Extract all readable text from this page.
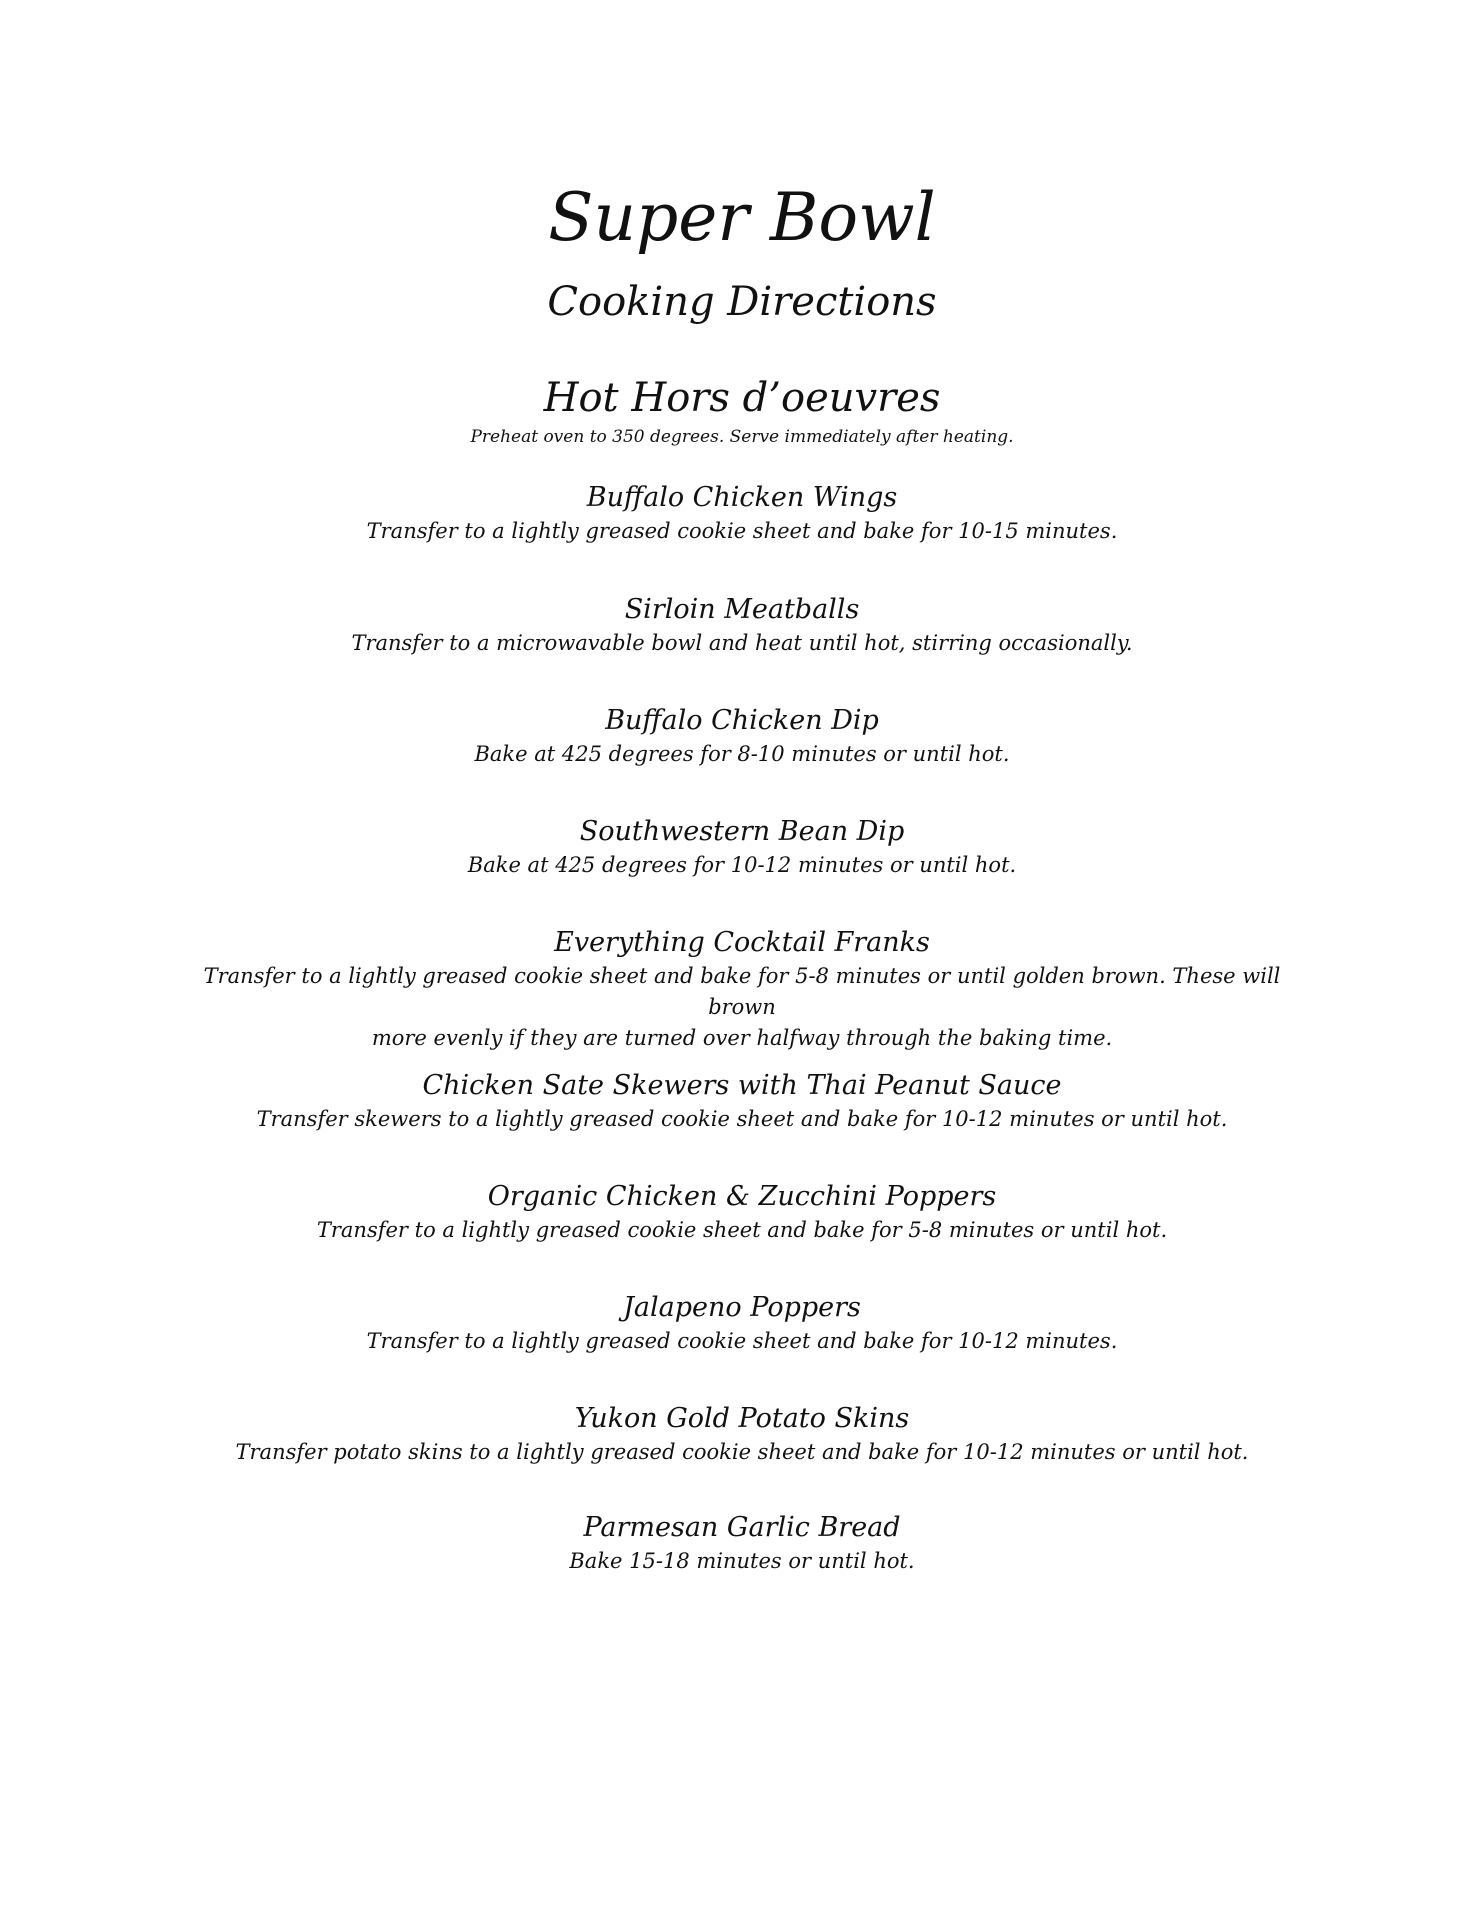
Super Bowl
Cooking Directions
Hot Hors d’oeuvres

Preheat oven to 350 degrees. Serve immediately after heating.

Buffalo Chicken Wings

Transfer to a lightly greased cookie sheet and bake for 10-15 minutes.

Sirloin Meatballs

Transfer to a microwavable bowl and heat until hot, stirring occasionally.

Buffalo Chicken Dip

Bake at 425 degrees for 8-10 minutes or until hot.

Southwestern Bean Dip

Bake at 425 degrees for 10-12 minutes or until hot.

Everything Cocktail Franks

Transfer to a lightly greased cookie sheet and bake for 5-8 minutes or until golden brown. These will brown

more evenly if they are turned over halfway through the baking time.

Chicken Sate Skewers with Thai Peanut Sauce

Transfer skewers to a lightly greased cookie sheet and bake for 10-12 minutes or until hot.

Organic Chicken & Zucchini Poppers

Transfer to a lightly greased cookie sheet and bake for 5-8 minutes or until hot.

Jalapeno Poppers

Transfer to a lightly greased cookie sheet and bake for 10-12 minutes.

Yukon Gold Potato Skins

Transfer potato skins to a lightly greased cookie sheet and bake for 10-12 minutes or until hot.

Parmesan Garlic Bread

Bake 15-18 minutes or until hot.
